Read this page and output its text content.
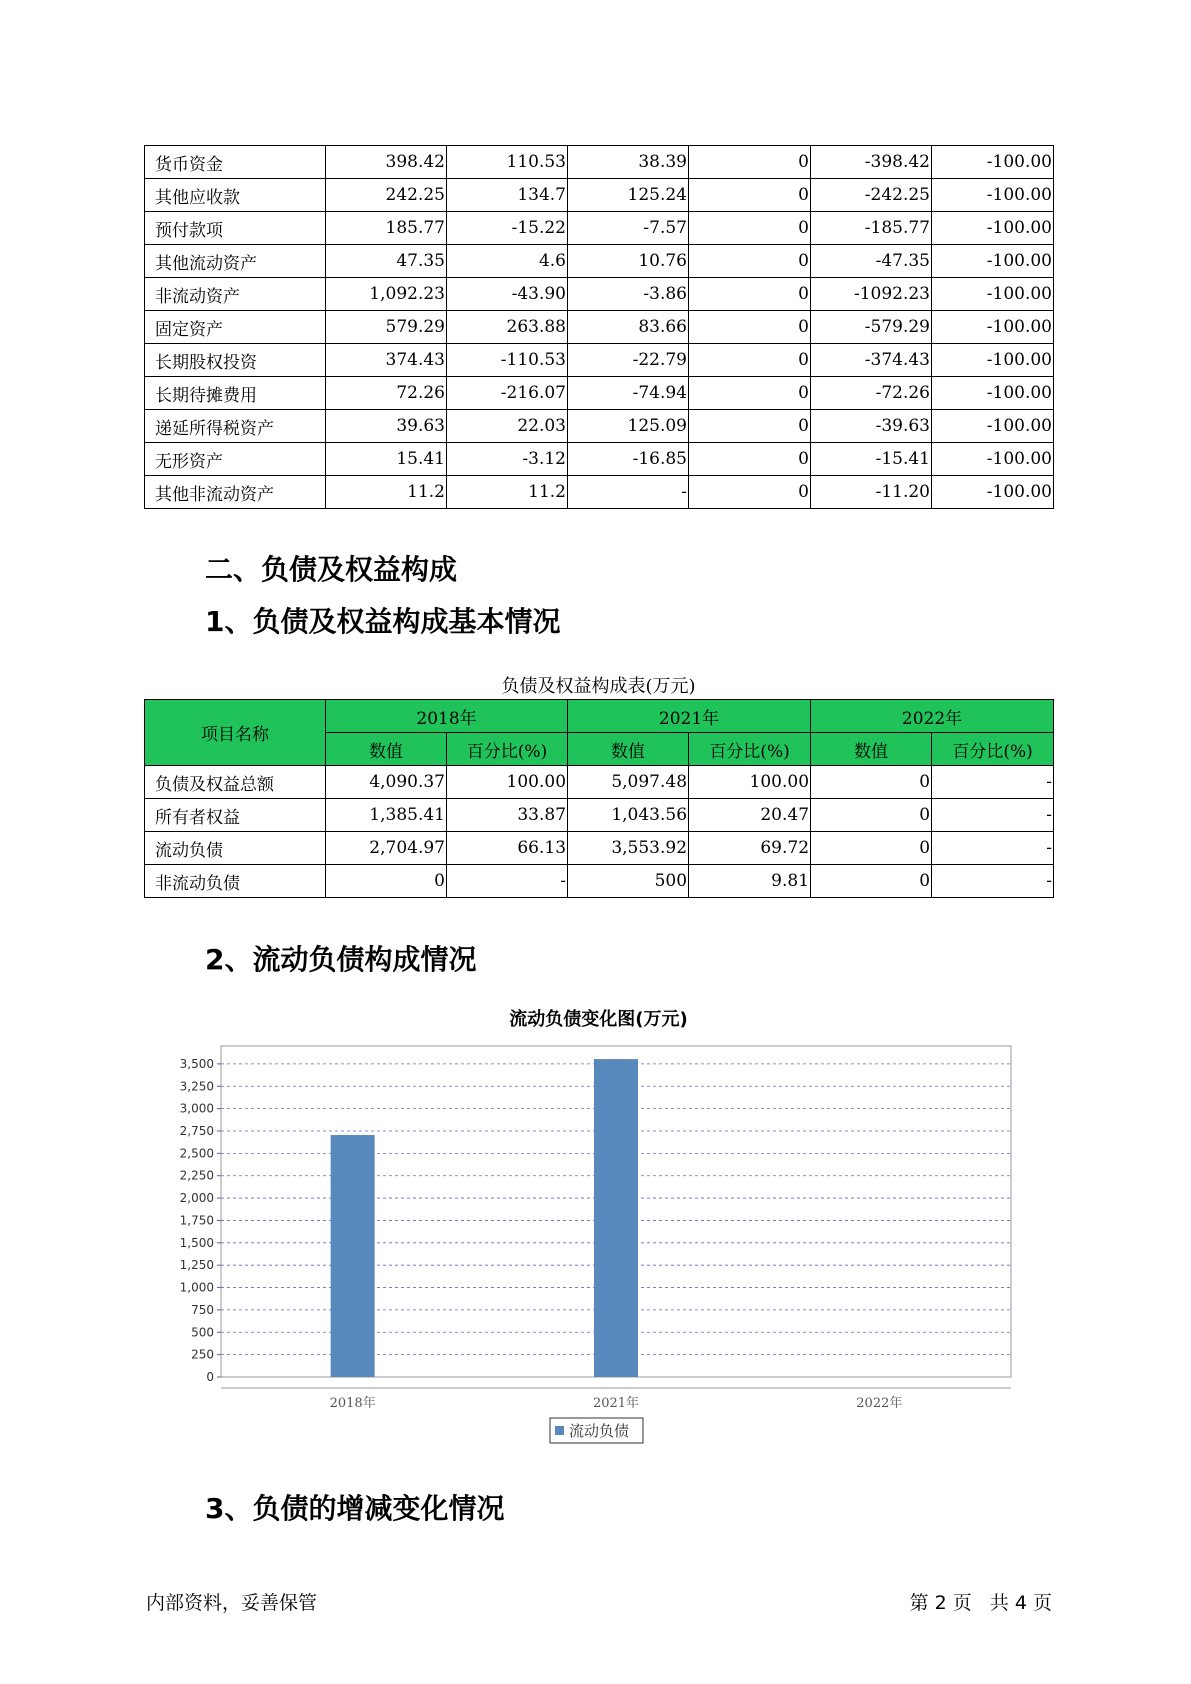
货币资金	398.42	110.53	38.39	0	-398.42	-100.00
其他应收款	242.25	134.7	125.24	0	-242.25	-100.00
预付款项	185.77	-15.22	-7.57	0	-185.77	-100.00
其他流动资产	47.35	4.6	10.76	0	-47.35	-100.00
非流动资产	1,092.23	-43.90	-3.86	0	-1092.23	-100.00
固定资产	579.29	263.88	83.66	0	-579.29	-100.00
长期股权投资	374.43	-110.53	-22.79	0	-374.43	-100.00
长期待摊费用	72.26	-216.07	-74.94	0	-72.26	-100.00
递延所得税资产	39.63	22.03	125.09	0	-39.63	-100.00
无形资产	15.41	-3.12	-16.85	0	-15.41	-100.00
其他非流动资产	11.2	11.2	-	0	-11.20	-100.00
二、负债及权益构成
1、负债及权益构成基本情况
负债及权益构成表(万元)
项目名称	2018年		2021年		2022年	
	数值	百分比(%)	数值	百分比(%)	数值	百分比(%)
负债及权益总额	4,090.37	100.00	5,097.48	100.00	0	-
所有者权益	1,385.41	33.87	1,043.56	20.47	0	-
流动负债	2,704.97	66.13	3,553.92	69.72	0	-
非流动负债	0	-	500	9.81	0	-
2、流动负债构成情况
流动负债变化图(万元)
0
250
500
750
1,000
1,250
1,500
1,750
2,000
2,250
2,500
2,750
3,000
3,250
3,500
2018年	2021年	2022年
流动负债
3、负债的增减变化情况
内部资料，妥善保管	第 2 页   共 4 页
